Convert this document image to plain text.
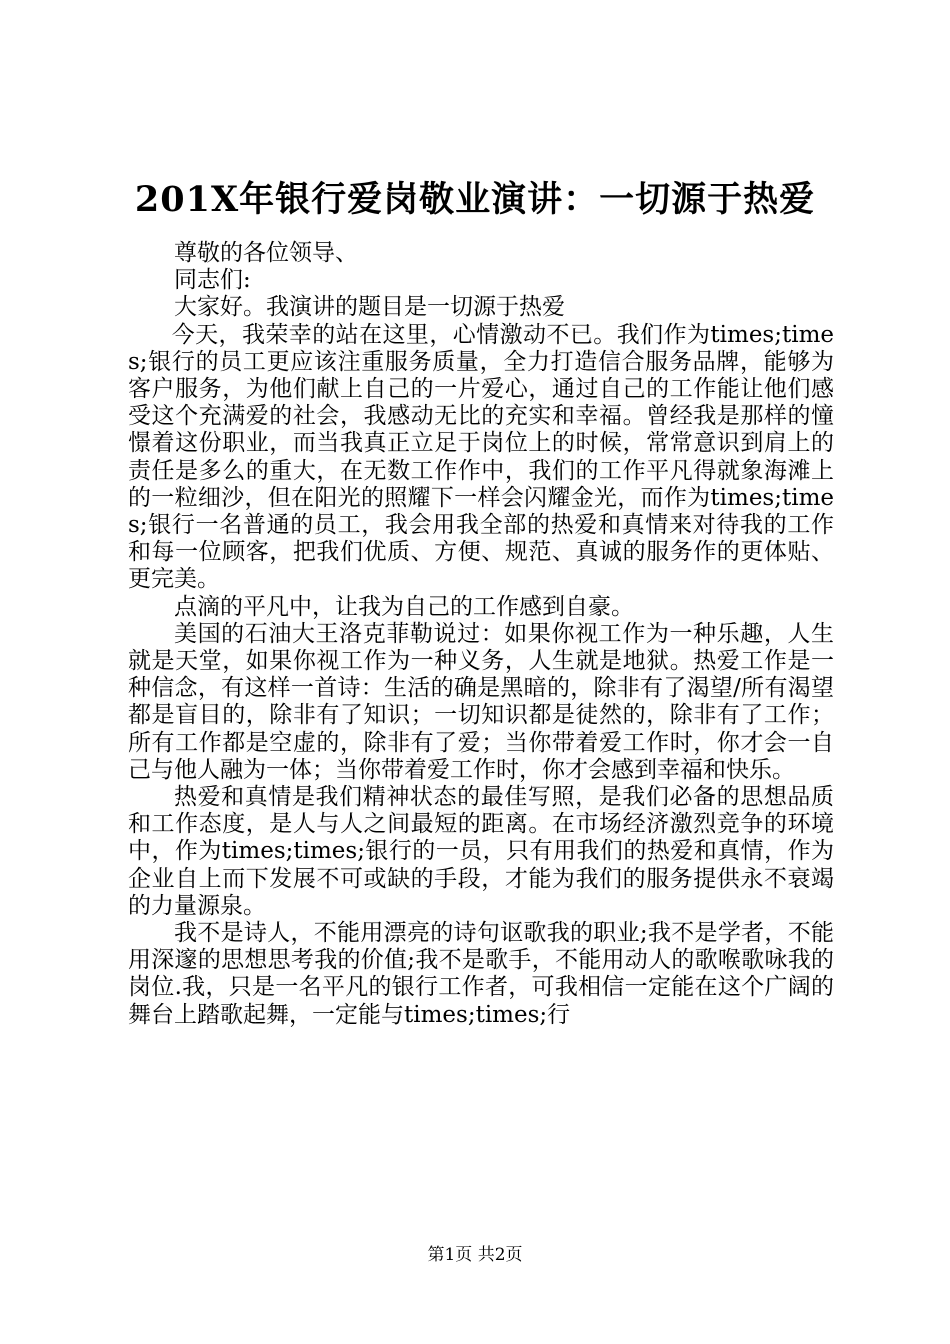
201X年银行爱岗敬业演讲：一切源于热爱

尊敬的各位领导、

同志们:

大家好。我演讲的题目是一切源于热爱

今天，我荣幸的站在这里，心情激动不已。我们作为times;times;银行的员工更应该注重服务质量，全力打造信合服务品牌，能够为客户服务，为他们献上自己的一片爱心，通过自己的工作能让他们感受这个充满爱的社会，我感动无比的充实和幸福。曾经我是那样的憧憬着这份职业，而当我真正立足于岗位上的时候，常常意识到肩上的责任是多么的重大，在无数工作作中，我们的工作平凡得就象海滩上的一粒细沙，但在阳光的照耀下一样会闪耀金光，而作为times;times;银行一名普通的员工，我会用我全部的热爱和真情来对待我的工作和每一位顾客，把我们优质、方便、规范、真诚的服务作的更体贴、更完美。

点滴的平凡中，让我为自己的工作感到自豪。

美国的石油大王洛克菲勒说过：如果你视工作为一种乐趣，人生就是天堂，如果你视工作为一种义务，人生就是地狱。热爱工作是一种信念，有这样一首诗：生活的确是黑暗的，除非有了渴望/所有渴望都是盲目的，除非有了知识；一切知识都是徒然的，除非有了工作；所有工作都是空虚的，除非有了爱；当你带着爱工作时，你才会一自己与他人融为一体；当你带着爱工作时，你才会感到幸福和快乐。

热爱和真情是我们精神状态的最佳写照，是我们必备的思想品质和工作态度，是人与人之间最短的距离。在市场经济激烈竞争的环境中，作为times;times;银行的一员，只有用我们的热爱和真情，作为企业自上而下发展不可或缺的手段，才能为我们的服务提供永不衰竭的力量源泉。

我不是诗人，不能用漂亮的诗句讴歌我的职业;我不是学者，不能用深邃的思想思考我的价值;我不是歌手，不能用动人的歌喉歌咏我的岗位.我，只是一名平凡的银行工作者，可我相信一定能在这个广阔的舞台上踏歌起舞，一定能与times;times;行

第1页 共2页
